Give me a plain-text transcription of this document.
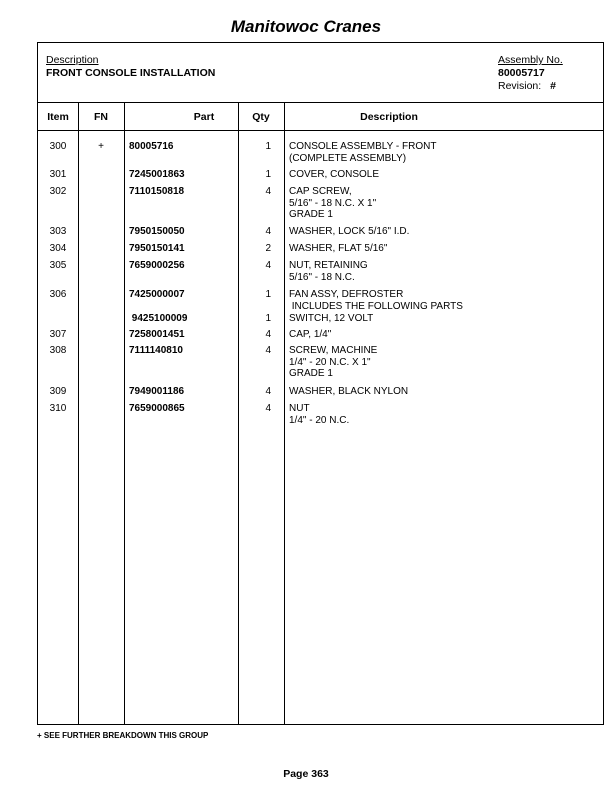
Manitowoc Cranes
Description
FRONT CONSOLE INSTALLATION
Assembly No.
80005717
Revision: #
Item	FN	Part	Qty	Description
300	+	80005716	1 CONSOLE ASSEMBLY - FRONT
(COMPLETE ASSEMBLY)
301	7245001863	1 COVER, CONSOLE
302	7110150818	4 CAP SCREW,
5/16" - 18 N.C. X 1"
GRADE 1
303	7950150050	4 WASHER, LOCK 5/16" I.D.
304	7950150141	2 WASHER, FLAT 5/16"
305	7659000256	4 NUT, RETAINING
5/16" - 18 N.C.
306	7425000007	1 FAN ASSY, DEFROSTER
INCLUDES THE FOLLOWING PARTS
9425100009	1 SWITCH, 12 VOLT
307	7258001451	4 CAP, 1/4"
308	7111140810	4 SCREW, MACHINE
1/4" - 20 N.C. X 1"
GRADE 1
309	7949001186	4 WASHER, BLACK NYLON
310	7659000865	4 NUT
1/4" - 20 N.C.
+ SEE FURTHER BREAKDOWN THIS GROUP
Page 363
